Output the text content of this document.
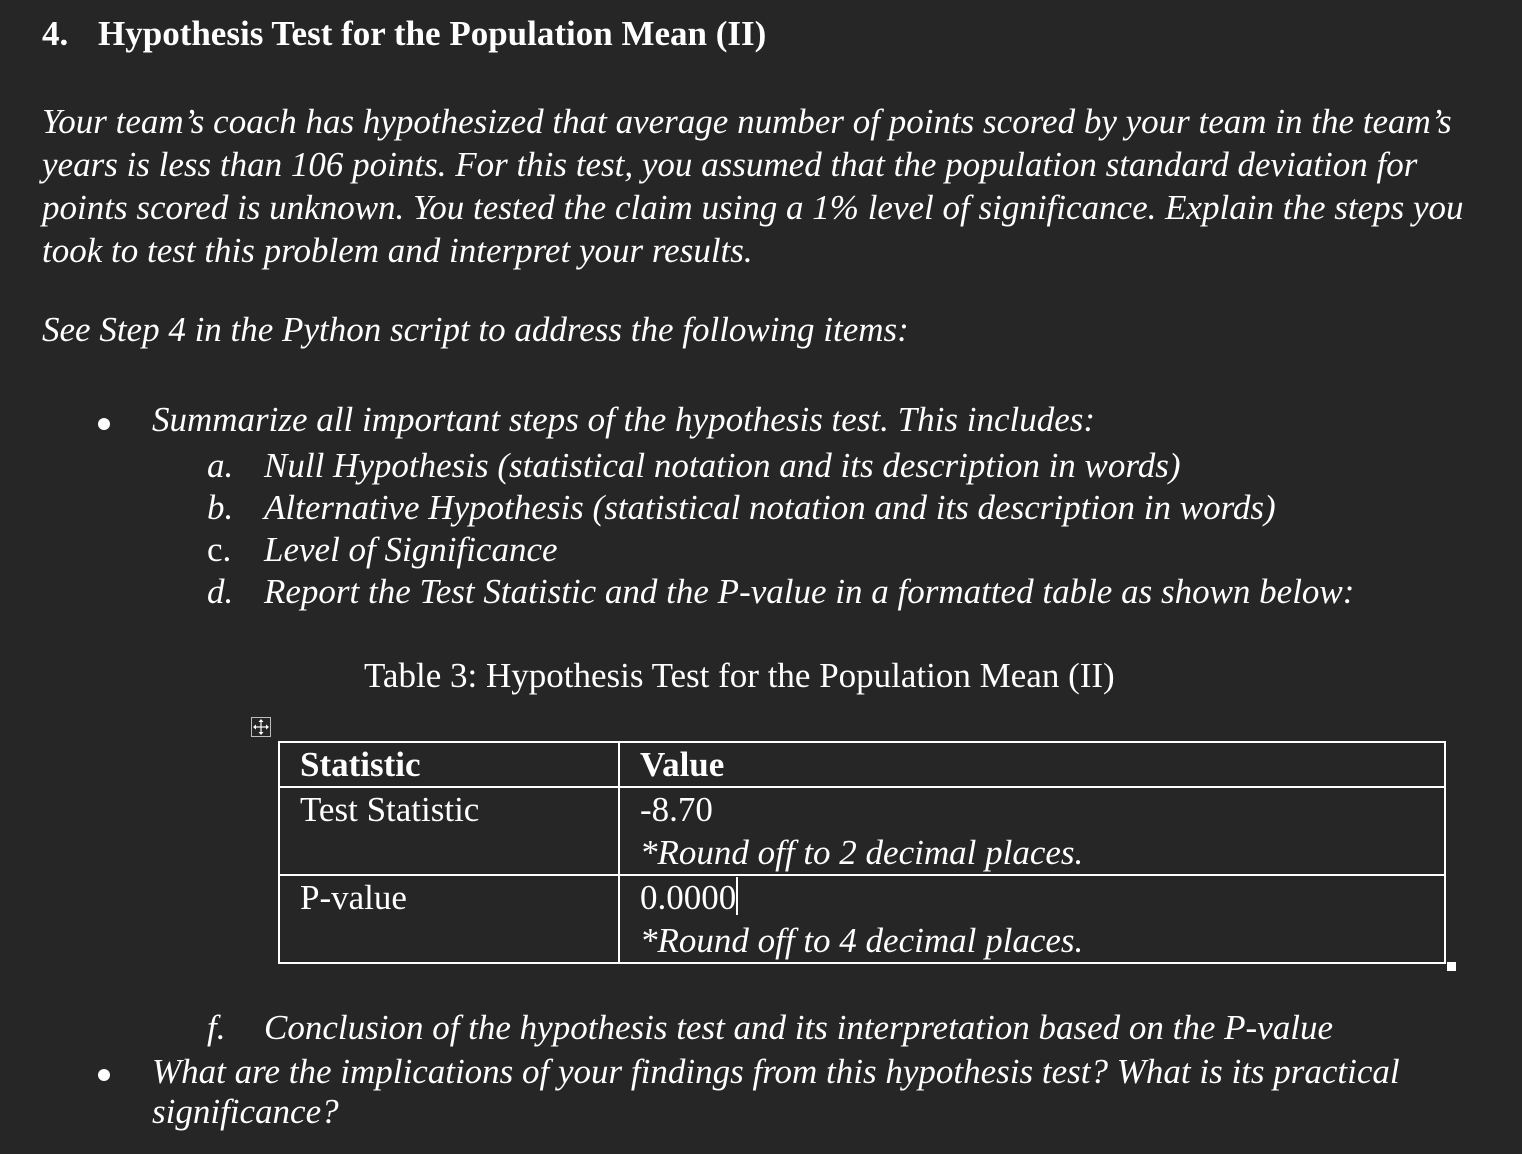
4. Hypothesis Test for the Population Mean (II)
Your team’s coach has hypothesized that average number of points scored by your team in the team’s years is less than 106 points. For this test, you assumed that the population standard deviation for points scored is unknown. You tested the claim using a 1% level of significance. Explain the steps you took to test this problem and interpret your results.
See Step 4 in the Python script to address the following items:
Summarize all important steps of the hypothesis test. This includes:
a. Null Hypothesis (statistical notation and its description in words)
b. Alternative Hypothesis (statistical notation and its description in words)
c. Level of Significance
d. Report the Test Statistic and the P-value in a formatted table as shown below:
Table 3: Hypothesis Test for the Population Mean (II)
Statistic	Value
Test Statistic	-8.70
*Round off to 2 decimal places.

P-value	0.0000
*Round off to 4 decimal places.
f. Conclusion of the hypothesis test and its interpretation based on the P-value
What are the implications of your findings from this hypothesis test? What is its practical significance?
